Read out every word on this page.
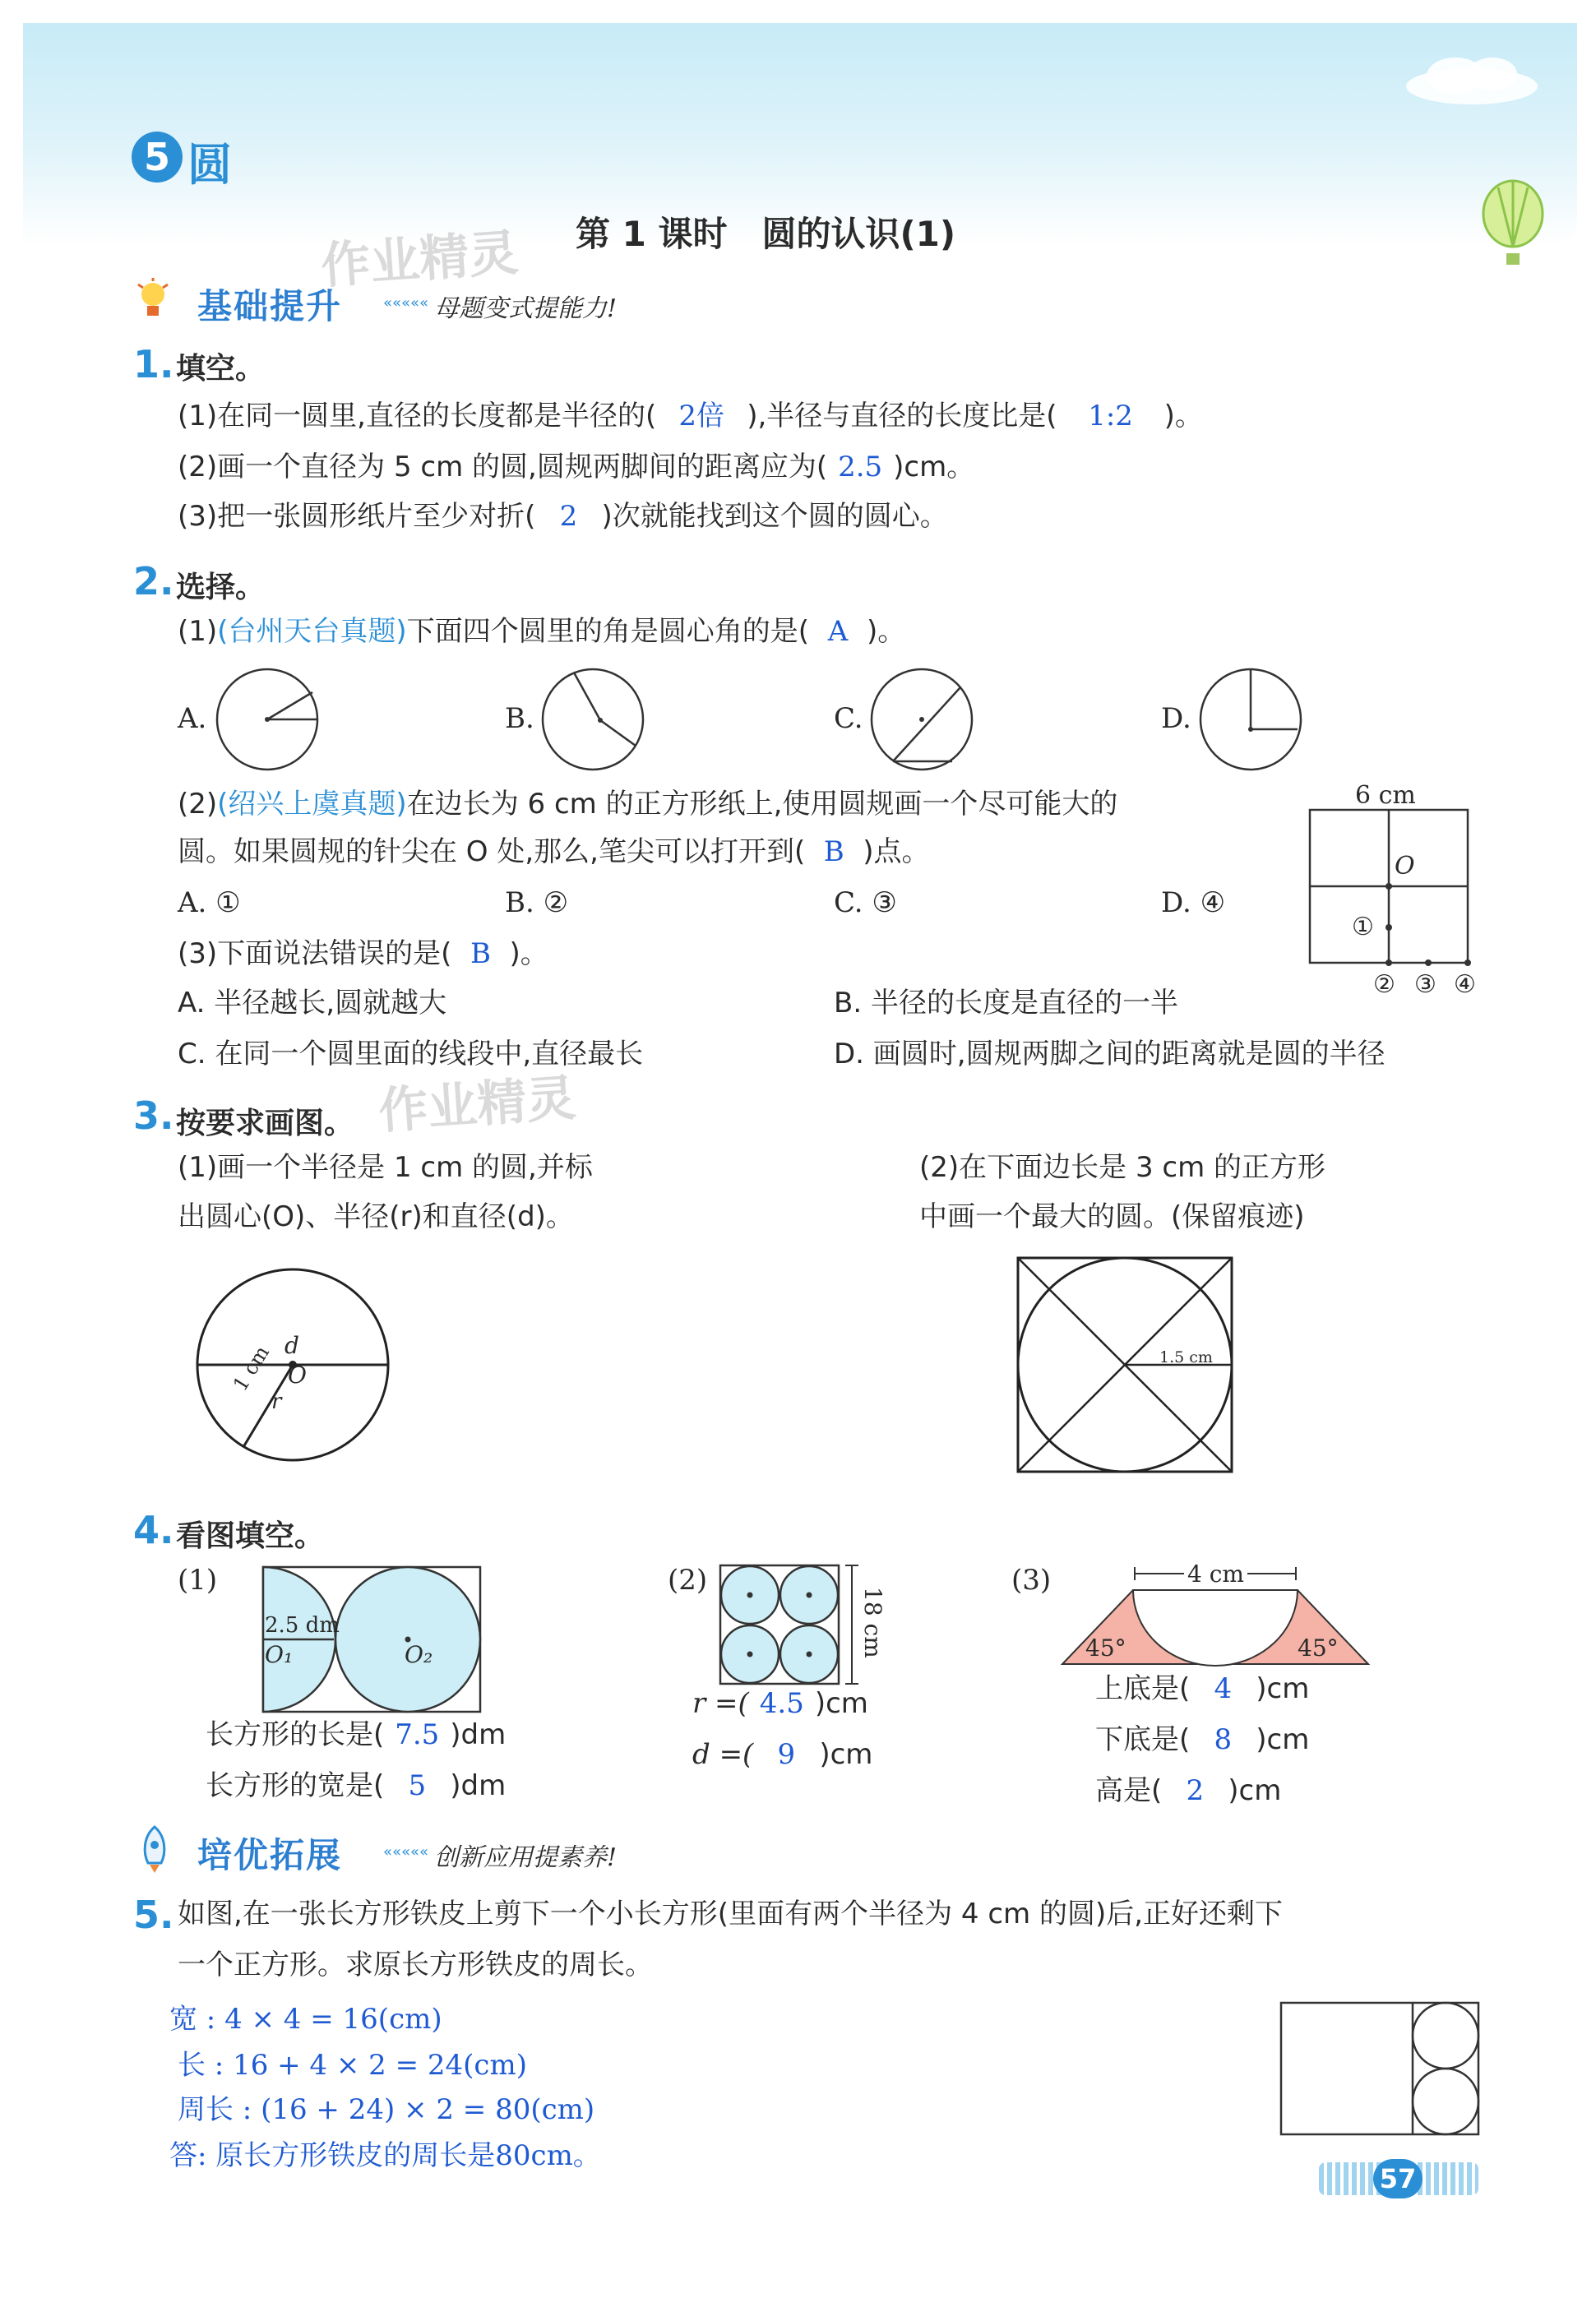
5 圆
第 1 课时　圆的认识(1)
作业精灵
基础提升	««««« 母题变式提能力!
1. 填空。
(1)在同一圆里,直径的长度都是半径的( 2倍 ),半径与直径的长度比是( 1:2 )。
(2)画一个直径为 5 cm 的圆,圆规两脚间的距离应为( 2.5 )cm。
(3)把一张圆形纸片至少对折( 2 )次就能找到这个圆的圆心。
2. 选择。
(1)(台州天台真题)下面四个圆里的角是圆心角的是( A )。
A.	B.	C.	D.
(2)(绍兴上虞真题)在边长为 6 cm 的正方形纸上,使用圆规画一个尽可能大的
圆。如果圆规的针尖在 O 处,那么,笔尖可以打开到( B )点。
A. ①	B. ②	C. ③	D. ④
6 cm
O
①
② ③ ④
(3)下面说法错误的是( B )。
A. 半径越长,圆就越大	B. 半径的长度是直径的一半
C. 在同一个圆里面的线段中,直径最长	D. 画圆时,圆规两脚之间的距离就是圆的半径
3. 按要求画图。 作业精灵
(1)画一个半径是 1 cm 的圆,并标
出圆心(O)、半径(r)和直径(d)。
(2)在下面边长是 3 cm 的正方形
中画一个最大的圆。(保留痕迹)
d
O
r
1 cm	1.5 cm
4. 看图填空。
(1)
2.5 dm
O₁	O₂
长方形的长是( 7.5 )dm
长方形的宽是( 5 )dm
(2)
18 cm
r =( 4.5 )cm
d =( 9 )cm
(3)	4 cm
45°	45°
上底是( 4 )cm
下底是( 8 )cm
高是( 2 )cm
培优拓展	««««« 创新应用提素养!
5. 如图,在一张长方形铁皮上剪下一个小长方形(里面有两个半径为 4 cm 的圆)后,正好还剩下
一个正方形。求原长方形铁皮的周长。
宽 : 4 × 4 = 16(cm)
长 : 16 + 4 × 2 = 24(cm)
周长 : (16 + 24) × 2 = 80(cm)
答: 原长方形铁皮的周长是80cm。
57
